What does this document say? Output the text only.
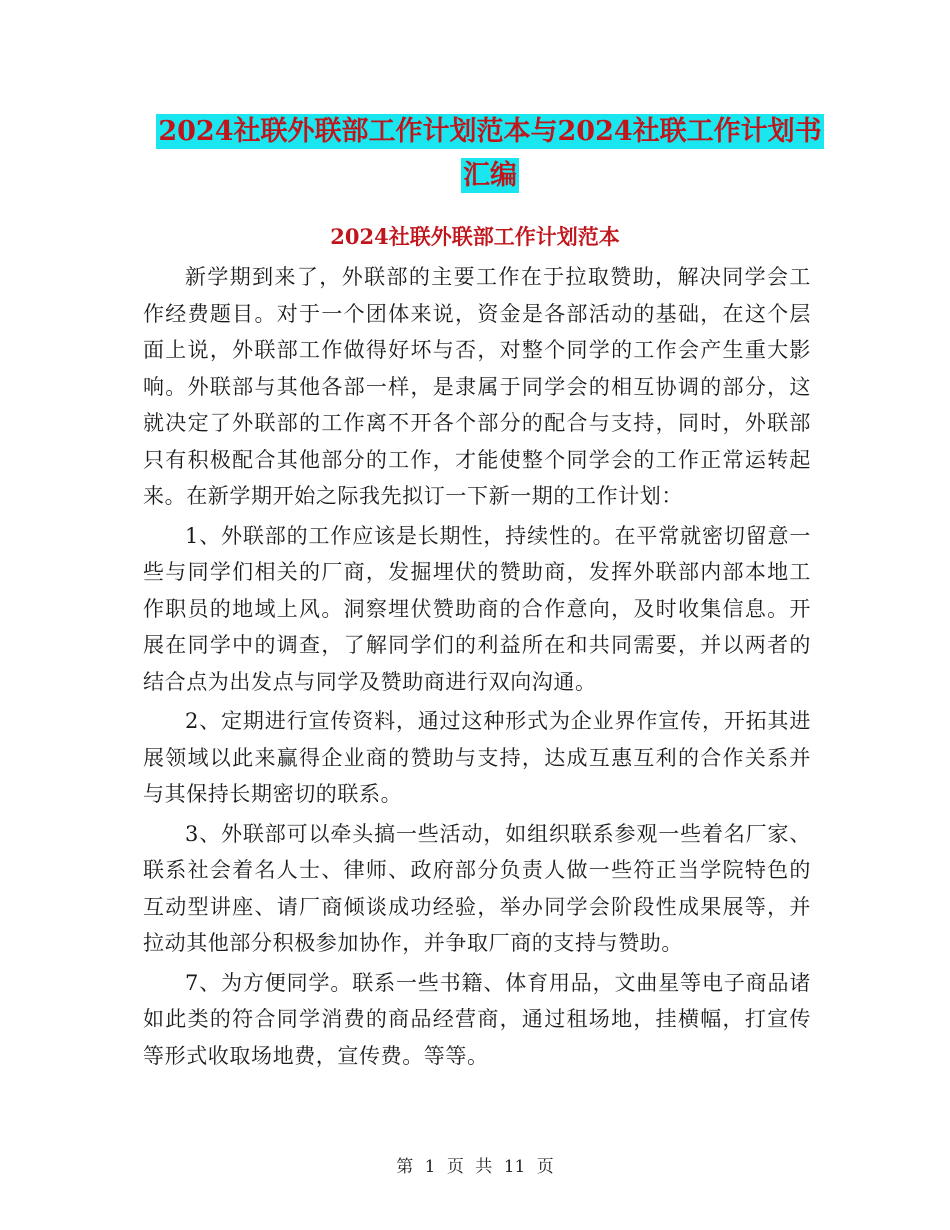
2024社联外联部工作计划范本与2024社联工作计划书
汇编
2024社联外联部工作计划范本

新学期到来了，外联部的主要工作在于拉取赞助，解决同学会工作经费题目。对于一个团体来说，资金是各部活动的基础，在这个层面上说，外联部工作做得好坏与否，对整个同学的工作会产生重大影响。外联部与其他各部一样，是隶属于同学会的相互协调的部分，这就决定了外联部的工作离不开各个部分的配合与支持，同时，外联部只有积极配合其他部分的工作，才能使整个同学会的工作正常运转起来。在新学期开始之际我先拟订一下新一期的工作计划：

1、外联部的工作应该是长期性，持续性的。在平常就密切留意一些与同学们相关的厂商，发掘埋伏的赞助商，发挥外联部内部本地工作职员的地域上风。洞察埋伏赞助商的合作意向，及时收集信息。开展在同学中的调查，了解同学们的利益所在和共同需要，并以两者的结合点为出发点与同学及赞助商进行双向沟通。

2、定期进行宣传资料，通过这种形式为企业界作宣传，开拓其进展领域以此来赢得企业商的赞助与支持，达成互惠互利的合作关系并与其保持长期密切的联系。

3、外联部可以牵头搞一些活动，如组织联系参观一些着名厂家、联系社会着名人士、律师、政府部分负责人做一些符正当学院特色的互动型讲座、请厂商倾谈成功经验，举办同学会阶段性成果展等，并拉动其他部分积极参加协作，并争取厂商的支持与赞助。

7、为方便同学。联系一些书籍、体育用品，文曲星等电子商品诸如此类的符合同学消费的商品经营商，通过租场地，挂横幅，打宣传等形式收取场地费，宣传费。等等。

第 1 页 共 11 页
